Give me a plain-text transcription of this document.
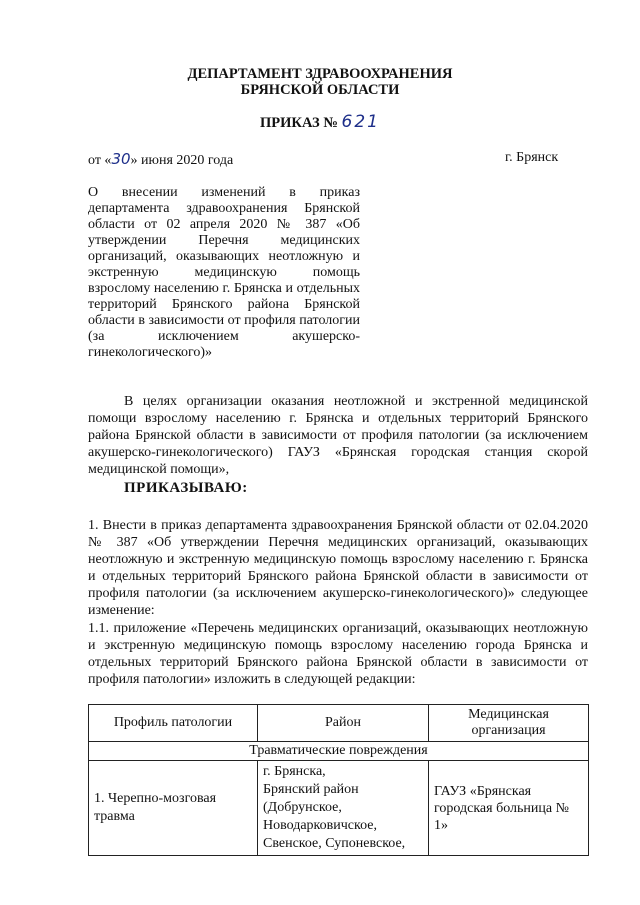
ДЕПАРТАМЕНТ ЗДРАВООХРАНЕНИЯ
БРЯНСКОЙ ОБЛАСТИ
ПРИКАЗ № 621
от «30» июня 2020 года	г. Брянск
О внесении изменений в приказ департамента здравоохранения Брянской области от 02 апреля 2020 № 387 «Об утверждении Перечня медицинских организаций, оказывающих неотложную и экстренную медицинскую помощь взрослому населению г. Брянска и отдельных территорий Брянского района Брянской области в зависимости от профиля патологии (за исключением акушерско-гинекологического)»
В целях организации оказания неотложной и экстренной медицинской помощи взрослому населению г. Брянска и отдельных территорий Брянского района Брянской области в зависимости от профиля патологии (за исключением акушерско-гинекологического) ГАУЗ «Брянская городская станция скорой медицинской помощи»,
ПРИКАЗЫВАЮ:
1. Внести в приказ департамента здравоохранения Брянской области от 02.04.2020 № 387 «Об утверждении Перечня медицинских организаций, оказывающих неотложную и экстренную медицинскую помощь взрослому населению г. Брянска и отдельных территорий Брянского района Брянской области в зависимости от профиля патологии (за исключением акушерско-гинекологического)» следующее изменение:
1.1. приложение «Перечень медицинских организаций, оказывающих неотложную и экстренную медицинскую помощь взрослому населению города Брянска и отдельных территорий Брянского района Брянской области в зависимости от профиля патологии» изложить в следующей редакции:
Профиль патологии	Район	Медицинская организация
Травматические повреждения		
1. Черепно-мозговая травма	г. Брянска,
Брянский район
(Добрунское,
Новодарковичское,
Свенское, Супоневское,	ГАУЗ «Брянская городская больница № 1»
